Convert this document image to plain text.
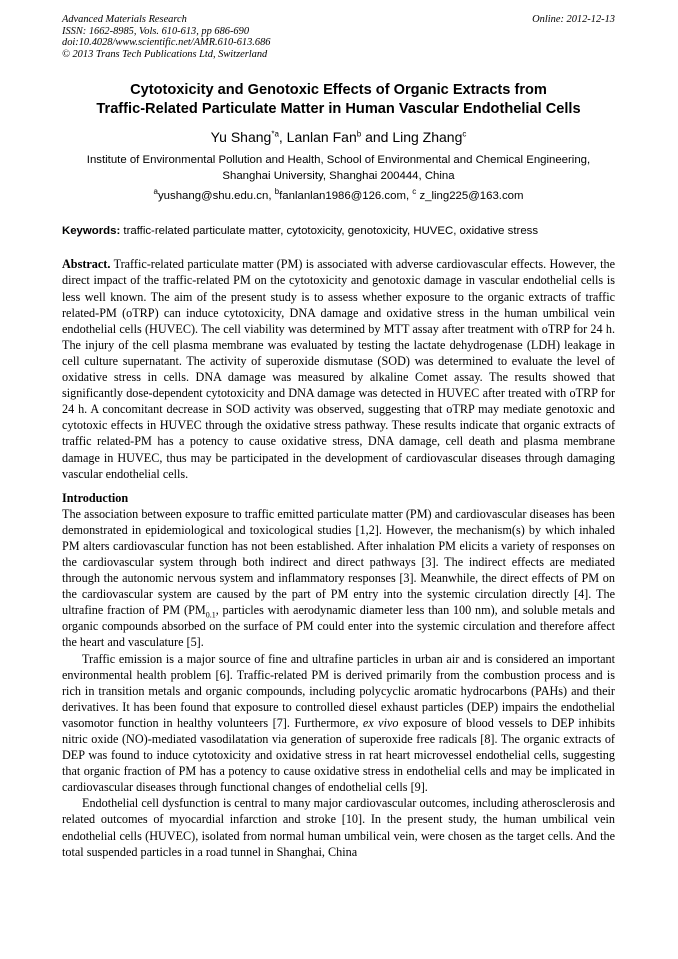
Advanced Materials Research
ISSN: 1662-8985, Vols. 610-613, pp 686-690
doi:10.4028/www.scientific.net/AMR.610-613.686
© 2013 Trans Tech Publications Ltd, Switzerland
Online: 2012-12-13
Cytotoxicity and Genotoxic Effects of Organic Extracts from
Traffic-Related Particulate Matter in Human Vascular Endothelial Cells
Yu Shang$^{*a}$, Lanlan Fan$^b$ and Ling Zhang$^c$
Institute of Environmental Pollution and Health, School of Environmental and Chemical Engineering,
Shanghai University, Shanghai 200444, China
$^a$yushang@shu.edu.cn, $^b$fanlanlan1986@126.com, $^c$ z_ling225@163.com
Keywords: traffic-related particulate matter, cytotoxicity, genotoxicity, HUVEC, oxidative stress
Abstract. Traffic-related particulate matter (PM) is associated with adverse cardiovascular effects. However, the direct impact of the traffic-related PM on the cytotoxicity and genotoxic damage in vascular endothelial cells is less well known. The aim of the present study is to assess whether exposure to the organic extracts of traffic related-PM (oTRP) can induce cytotoxicity, DNA damage and oxidative stress in the human umbilical vein endothelial cells (HUVEC). The cell viability was determined by MTT assay after treatment with oTRP for 24 h. The injury of the cell plasma membrane was evaluated by testing the lactate dehydrogenase (LDH) leakage in cell culture supernatant. The activity of superoxide dismutase (SOD) was determined to evaluate the level of oxidative stress in cells. DNA damage was measured by alkaline Comet assay. The results showed that significantly dose-dependent cytotoxicity and DNA damage was detected in HUVEC after treated with oTRP for 24 h. A concomitant decrease in SOD activity was observed, suggesting that oTRP may mediate genotoxic and cytotoxic effects in HUVEC through the oxidative stress pathway. These results indicate that organic extracts of traffic related-PM has a potency to cause oxidative stress, DNA damage, cell death and plasma membrane damage in HUVEC, thus may be participated in the development of cardiovascular diseases through damaging vascular endothelial cells.
Introduction

The association between exposure to traffic emitted particulate matter (PM) and cardiovascular diseases has been demonstrated in epidemiological and toxicological studies [1,2]. However, the mechanism(s) by which inhaled PM alters cardiovascular function has not been established. After inhalation PM elicits a variety of responses on the cardiovascular system through both indirect and direct pathways [3]. The indirect effects are mediated through the autonomic nervous system and inflammatory responses [3]. Meanwhile, the direct effects of PM on the cardiovascular system are caused by the part of PM entry into the systemic circulation directly [4]. The ultrafine fraction of PM ($PM_{0.1}$, particles with aerodynamic diameter less than 100 nm), and soluble metals and organic compounds absorbed on the surface of PM could enter into the systemic circulation and therefore affect the heart and vasculature [5].

Traffic emission is a major source of fine and ultrafine particles in urban air and is considered an important environmental health problem [6]. Traffic-related PM is derived primarily from the combustion process and is rich in transition metals and organic compounds, including polycyclic aromatic hydrocarbons (PAHs) and their derivatives. It has been found that exposure to controlled diesel exhaust particles (DEP) impairs the endothelial vasomotor function in healthy volunteers [7]. Furthermore, ex vivo exposure of blood vessels to DEP inhibits nitric oxide (NO)-mediated vasodilatation via generation of superoxide free radicals [8]. The organic extracts of DEP was found to induce cytotoxicity and oxidative stress in rat heart microvessel endothelial cells, suggesting that organic fraction of PM has a potency to cause oxidative stress in endothelial cells and may be implicated in cardiovascular diseases through functional changes of endothelial cells [9].

Endothelial cell dysfunction is central to many major cardiovascular outcomes, including atherosclerosis and related outcomes of myocardial infarction and stroke [10]. In the present study, the human umbilical vein endothelial cells (HUVEC), isolated from normal human umbilical vein, were chosen as the target cells. And the total suspended particles in a road tunnel in Shanghai, China
